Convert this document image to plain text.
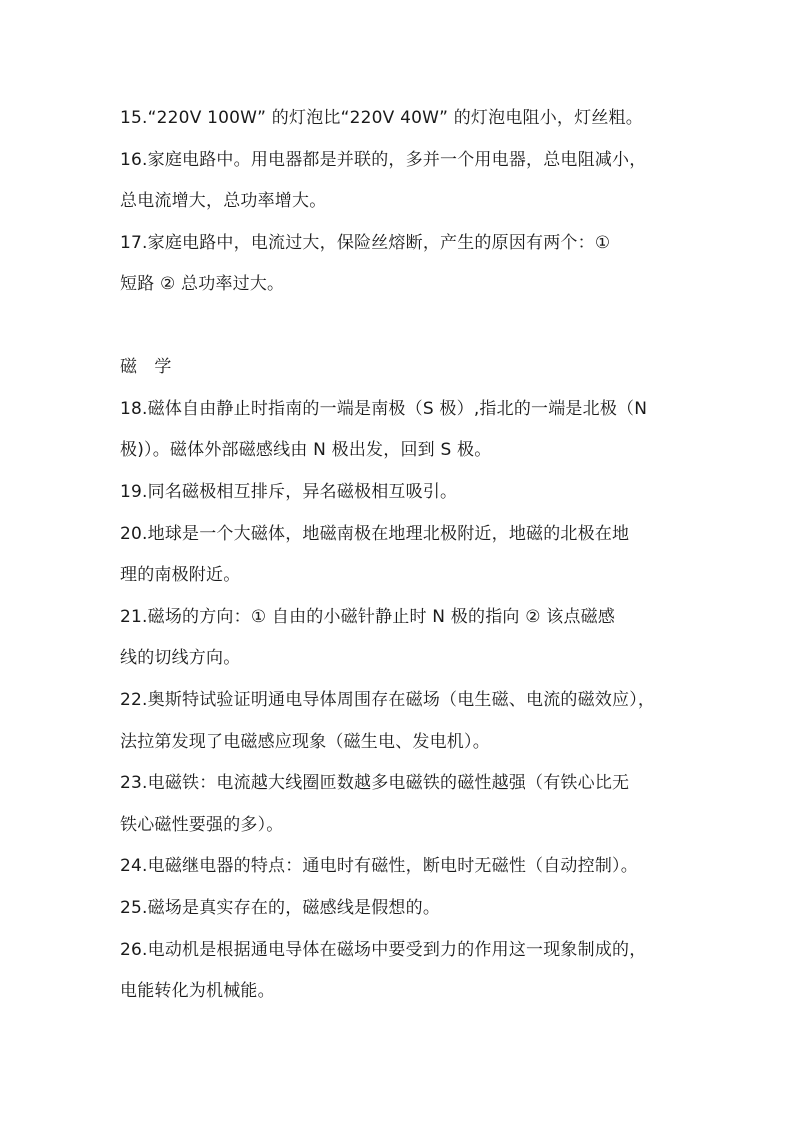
15.“220V 100W” 的灯泡比“220V 40W” 的灯泡电阻小，灯丝粗。
16.家庭电路中。用电器都是并联的，多并一个用电器，总电阻减小，
总电流增大，总功率增大。
17.家庭电路中，电流过大，保险丝熔断，产生的原因有两个：①
短路 ② 总功率过大。
磁 学
18.磁体自由静止时指南的一端是南极（S 极）,指北的一端是北极（N
极)）。磁体外部磁感线由 N 极出发，回到 S 极。
19.同名磁极相互排斥，异名磁极相互吸引。
20.地球是一个大磁体，地磁南极在地理北极附近，地磁的北极在地
理的南极附近。
21.磁场的方向：① 自由的小磁针静止时 N 极的指向 ② 该点磁感
线的切线方向。
22.奥斯特试验证明通电导体周围存在磁场（电生磁、电流的磁效应），
法拉第发现了电磁感应现象（磁生电、发电机）。
23.电磁铁：电流越大线圈匝数越多电磁铁的磁性越强（有铁心比无
铁心磁性要强的多）。
24.电磁继电器的特点：通电时有磁性，断电时无磁性（自动控制）。
25.磁场是真实存在的，磁感线是假想的。
26.电动机是根据通电导体在磁场中要受到力的作用这一现象制成的，
电能转化为机械能。
